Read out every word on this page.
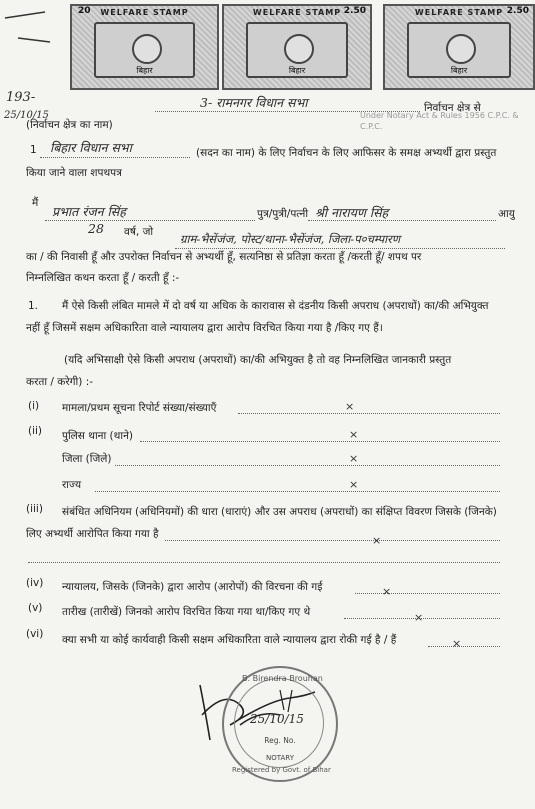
WELFARE STAMP
20
बिहार
WELFARE STAMP 2.50
बिहार
WELFARE STAMP 2.50
बिहार
193-
25/10/15	Under Notary Act & Rules 1956 C.P.C. & C.P.C.
3- रामनगर विधान सभा	निर्वाचन क्षेत्र से
(निर्वाचन क्षेत्र का नाम)
1 बिहार विधान सभा	(सदन का नाम) के लिए निर्वाचन के लिए आफिसर के समक्ष अभ्यर्थी द्वारा प्रस्तुत
किया जाने वाला शपथपत्र
मैं
प्रभात रंजन सिंह	पुत्र/पुत्री/पत्नी श्री नारायण सिंह	आयु
28 वर्ष, जो ग्राम-भैसेंजंज, पोस्ट/थाना-भैसेंजंज, जिला-प०चम्पारण
का / की निवासी हूँ और उपरोक्त निर्वाचन से अभ्यर्थी हूँ, सत्यनिष्ठा से प्रतिज्ञा करता हूँ /करती हूँ/ शपथ पर
निम्नलिखित कथन करता हूँ / करती हूँ :-
1. मैं ऐसे किसी लंबित मामले में दो वर्ष या अधिक के कारावास से दंडनीय किसी अपराध (अपराधों) का/की अभियुक्त
नहीं हूँ जिसमें सक्षम अधिकारिता वाले न्यायालय द्वारा आरोप विरचित किया गया है /किए गए हैं।
(यदि अभिसाक्षी ऐसे किसी अपराध (अपराधों) का/की अभियुक्त है तो वह निम्नलिखित जानकारी प्रस्तुत
करता / करेगी) :-
(i) मामला/प्रथम सूचना रिपोर्ट संख्या/संख्याएँ	×
(ii) पुलिस थाना (थाने)	×
जिला (जिले)	×
राज्य	×
(iii) संबंधित अधिनियम (अधिनियमों) की धारा (धाराएं) और उस अपराध (अपराधों) का संक्षिप्त विवरण जिसके (जिनके)
लिए अभ्यर्थी आरोपित किया गया है	×
(iv) न्यायालय, जिसके (जिनके) द्वारा आरोप (आरोपों) की विरचना की गई	×
(v) तारीख (तारीखें) जिनको आरोप विरचित किया गया था/किए गए थे	×
(vi) क्या सभी या कोई कार्यवाही किसी सक्षम अधिकारिता वाले न्यायालय द्वारा रोकी गई है / हैं	×
B. Birendra Brouhan
25/10/15
Reg. No.
NOTARY
Registered by Govt. of Bihar
